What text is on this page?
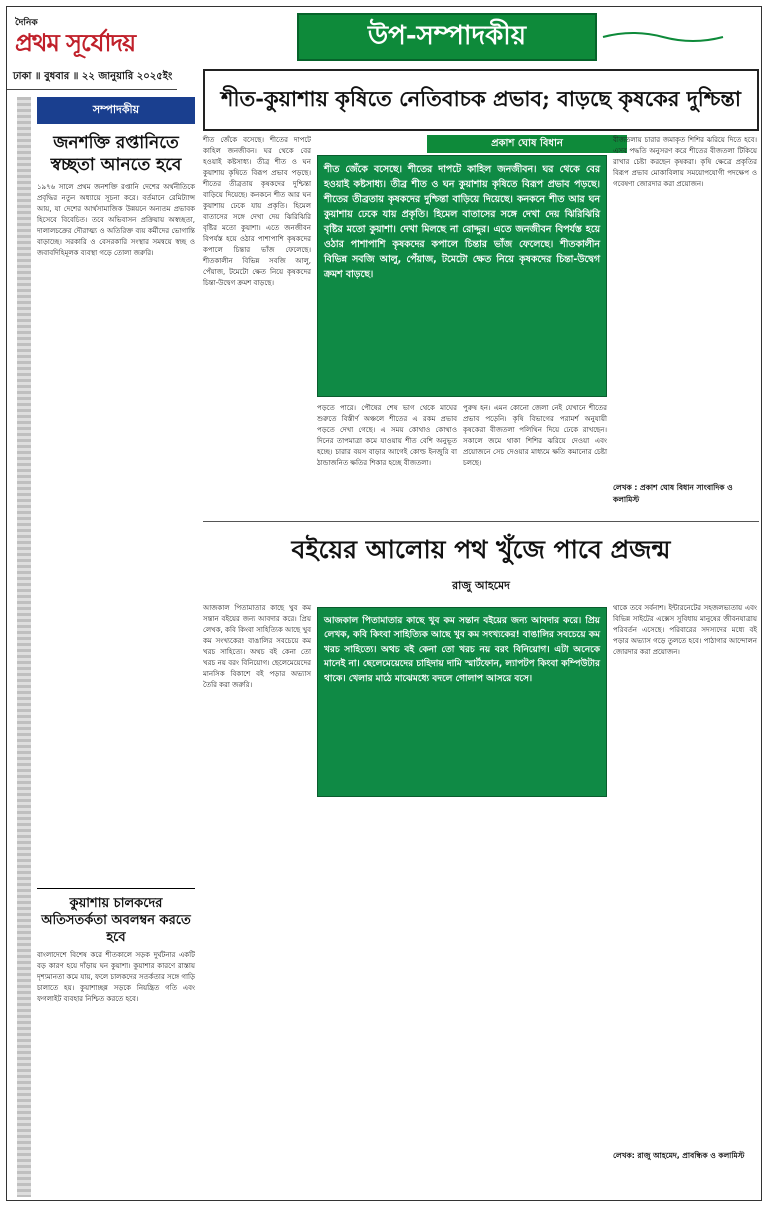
দৈনিক
প্রথম সূর্যোদয়
ঢাকা ॥ বুধবার ॥ ২২ জানুয়ারি ২০২৫ইং
উপ-সম্পাদকীয়
সম্পাদকীয়
জনশক্তি রপ্তানিতে স্বচ্ছতা আনতে হবে
১৯৭৬ সালে প্রথম জনশক্তি রপ্তানি দেশের অর্থনীতিকে প্রবৃদ্ধির নতুন অধ্যায়ে সূচনা করে। বর্তমানে রেমিট্যান্স আয়, যা দেশের আর্থসামাজিক উন্নয়নে অন্যতম প্রভাবক হিসেবে বিবেচিত। তবে অভিবাসন প্রক্রিয়ায় অস্বচ্ছতা, দালালচক্রের দৌরাত্ম্য ও অতিরিক্ত ব্যয় কর্মীদের ভোগান্তি বাড়াচ্ছে। সরকারি ও বেসরকারি সংস্থার সমন্বয়ে স্বচ্ছ ও জবাবদিহিমূলক ব্যবস্থা গড়ে তোলা জরুরি।
কুয়াশায় চালকদের অতিসতর্কতা অবলম্বন করতে হবে
বাংলাদেশে বিশেষ করে শীতকালে সড়ক দুর্ঘটনার একটি বড় কারণ হয়ে দাঁড়ায় ঘন কুয়াশা। কুয়াশার কারণে রাস্তায় দৃশ্যমানতা কমে যায়, ফলে চালকদের সতর্কতার সঙ্গে গাড়ি চালাতে হয়। কুয়াশাচ্ছন্ন সড়কে নিয়ন্ত্রিত গতি এবং ফগলাইট ব্যবহার নিশ্চিত করতে হবে।
শীত-কুয়াশায় কৃষিতে নেতিবাচক প্রভাব; বাড়ছে কৃষকের দুশ্চিন্তা
প্রকাশ ঘোষ বিধান
শীত জেঁকে বসেছে। শীতের দাপটে কাহিল জনজীবন। ঘর থেকে বের হওয়াই কষ্টসাধ্য। তীব্র শীত ও ঘন কুয়াশায় কৃষিতে বিরূপ প্রভাব পড়ছে। শীতের তীব্রতায় কৃষকদের দুশ্চিন্তা বাড়িয়ে দিয়েছে। কনকনে শীত আর ঘন কুয়াশায় ঢেকে যায় প্রকৃতি। হিমেল বাতাসের সঙ্গে দেখা দেয় ঝিরিঝিরি বৃষ্টির মতো কুয়াশা। এতে জনজীবন বিপর্যস্ত হয়ে ওঠার পাশাপাশি কৃষকদের কপালে চিন্তার ভাঁজ ফেলেছে। শীতকালীন বিভিন্ন সবজি আলু, পেঁয়াজ, টমেটো ক্ষেত নিয়ে কৃষকদের চিন্তা-উদ্বেগ ক্রমশ বাড়ছে।

শীত জেঁকে বসেছে। শীতের দাপটে কাহিল জনজীবন। ঘর থেকে বের হওয়াই কষ্টসাধ্য। তীব্র শীত ও ঘন কুয়াশায় কৃষিতে বিরূপ প্রভাব পড়ছে। শীতের তীব্রতায় কৃষকদের দুশ্চিন্তা বাড়িয়ে দিয়েছে। কনকনে শীত আর ঘন কুয়াশায় ঢেকে যায় প্রকৃতি। হিমেল বাতাসের সঙ্গে দেখা দেয় ঝিরিঝিরি বৃষ্টির মতো কুয়াশা। দেখা মিলছে না রোদ্দুর। এতে জনজীবন বিপর্যস্ত হয়ে ওঠার পাশাপাশি কৃষকদের কপালে চিন্তার ভাঁজ ফেলেছে। শীতকালীন বিভিন্ন সবজি আলু, পেঁয়াজ, টমেটো ক্ষেত নিয়ে কৃষকদের চিন্তা-উদ্বেগ ক্রমশ বাড়ছে।

পড়তে পারে। পৌষের শেষ ভাগ থেকে মাঘের শুরুতে বিস্তীর্ণ অঞ্চলে শীতের এ রকম প্রভাব পড়তে দেখা গেছে। এ সময় কোথাও কোথাও দিনের তাপমাত্রা কমে যাওয়ায় শীত বেশি অনুভূত হচ্ছে। চারার বয়স বাড়ার আগেই কোল্ড ইনজুরি বা ঠান্ডাজনিত ক্ষতির শিকার হচ্ছে বীজতলা।
পুরুষ হন। এমন কোনো জেলা নেই যেখানে শীতের প্রভাব পড়েনি। কৃষি বিভাগের পরামর্শ অনুযায়ী কৃষকেরা বীজতলা পলিথিন দিয়ে ঢেকে রাখছেন। সকালে জমে থাকা শিশির ঝরিয়ে দেওয়া এবং প্রয়োজনে সেচ দেওয়ার মাধ্যমে ক্ষতি কমানোর চেষ্টা চলছে।
বীজতলায় চারার জমাকৃত শিশির ঝরিয়ে দিতে হবে। এসব পদ্ধতি অনুসরণ করে শীতের বীজতলা টিকিয়ে রাখার চেষ্টা করছেন কৃষকরা। কৃষি ক্ষেত্রে প্রকৃতির বিরূপ প্রভাব মোকাবিলায় সময়োপযোগী পদক্ষেপ ও গবেষণা জোরদার করা প্রয়োজন।
লেখক : প্রকাশ ঘোষ বিধান সাংবাদিক ও কলামিস্ট
বইয়ের আলোয় পথ খুঁজে পাবে প্রজন্ম
রাজু আহমেদ
আজকাল পিতামাতার কাছে খুব কম সন্তান বইয়ের জন্য আবদার করে। প্রিয় লেখক, কবি কিংবা সাহিত্যিক আছে খুব কম সংখ্যকের! বাঙালির সবচেয়ে কম খরচ সাহিত্যে। অথচ বই কেনা তো খরচ নয় বরং বিনিয়োগ। ছেলেমেয়েদের মানসিক বিকাশে বই পড়ার অভ্যাস তৈরি করা জরুরি।

আজকাল পিতামাতার কাছে খুব কম সন্তান বইয়ের জন্য আবদার করে। প্রিয় লেখক, কবি কিংবা সাহিত্যিক আছে খুব কম সংখ্যকের! বাঙালির সবচেয়ে কম খরচ সাহিত্যে। অথচ বই কেনা তো খরচ নয় বরং বিনিয়োগ। এটা অনেকে মানেই না। ছেলেমেয়েদের চাহিদায় দামি স্মার্টফোন, ল্যাপটপ কিংবা কম্পিউটার থাকে। খেলার মাঠে মাঝেমধ্যে বদলে গোলাপ আসরে বসে।

থাকে তবে সর্বনাশ। ইন্টারনেটের সহজলভ্যতায় এবং বিভিন্ন সাইটের এক্সেস সুবিধায় মানুষের জীবনযাত্রায় পরিবর্তন এসেছে। পরিবারের সদস্যদের মধ্যে বই পড়ার অভ্যাস গড়ে তুলতে হবে। পাঠাগার আন্দোলন জোরদার করা প্রয়োজন।
লেখক: রাজু আহমেদ, প্রাবন্ধিক ও কলামিস্ট
